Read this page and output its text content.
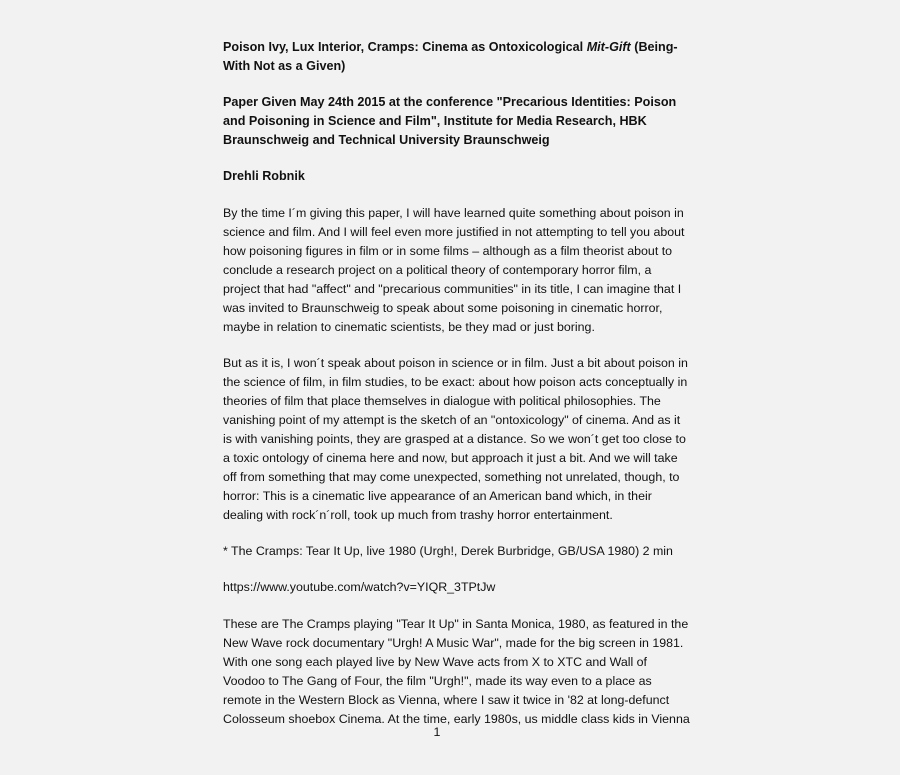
Poison Ivy, Lux Interior, Cramps: Cinema as Ontoxicological Mit-Gift (Being-
With Not as a Given)
Paper Given May 24th 2015 at the conference "Precarious Identities: Poison
and Poisoning in Science and Film", Institute for Media Research, HBK
Braunschweig and Technical University Braunschweig
Drehli Robnik

By the time I´m giving this paper, I will have learned quite something about poison in
science and film. And I will feel even more justified in not attempting to tell you about
how poisoning figures in film or in some films – although as a film theorist about to
conclude a research project on a political theory of contemporary horror film, a
project that had "affect" and "precarious communities" in its title, I can imagine that I
was invited to Braunschweig to speak about some poisoning in cinematic horror,
maybe in relation to cinematic scientists, be they mad or just boring.

But as it is, I won´t speak about poison in science or in film. Just a bit about poison in
the science of film, in film studies, to be exact: about how poison acts conceptually in
theories of film that place themselves in dialogue with political philosophies. The
vanishing point of my attempt is the sketch of an "ontoxicology" of cinema. And as it
is with vanishing points, they are grasped at a distance. So we won´t get too close to
a toxic ontology of cinema here and now, but approach it just a bit. And we will take
off from something that may come unexpected, something not unrelated, though, to
horror: This is a cinematic live appearance of an American band which, in their
dealing with rock´n´roll, took up much from trashy horror entertainment.

* The Cramps: Tear It Up, live 1980 (Urgh!, Derek Burbridge, GB/USA 1980) 2 min

https://www.youtube.com/watch?v=YIQR_3TPtJw

These are The Cramps playing "Tear It Up" in Santa Monica, 1980, as featured in the
New Wave rock documentary "Urgh! A Music War", made for the big screen in 1981.
With one song each played live by New Wave acts from X to XTC and Wall of
Voodoo to The Gang of Four, the film "Urgh!", made its way even to a place as
remote in the Western Block as Vienna, where I saw it twice in '82 at long-defunct
Colosseum shoebox Cinema. At the time, early 1980s, us middle class kids in Vienna

1
